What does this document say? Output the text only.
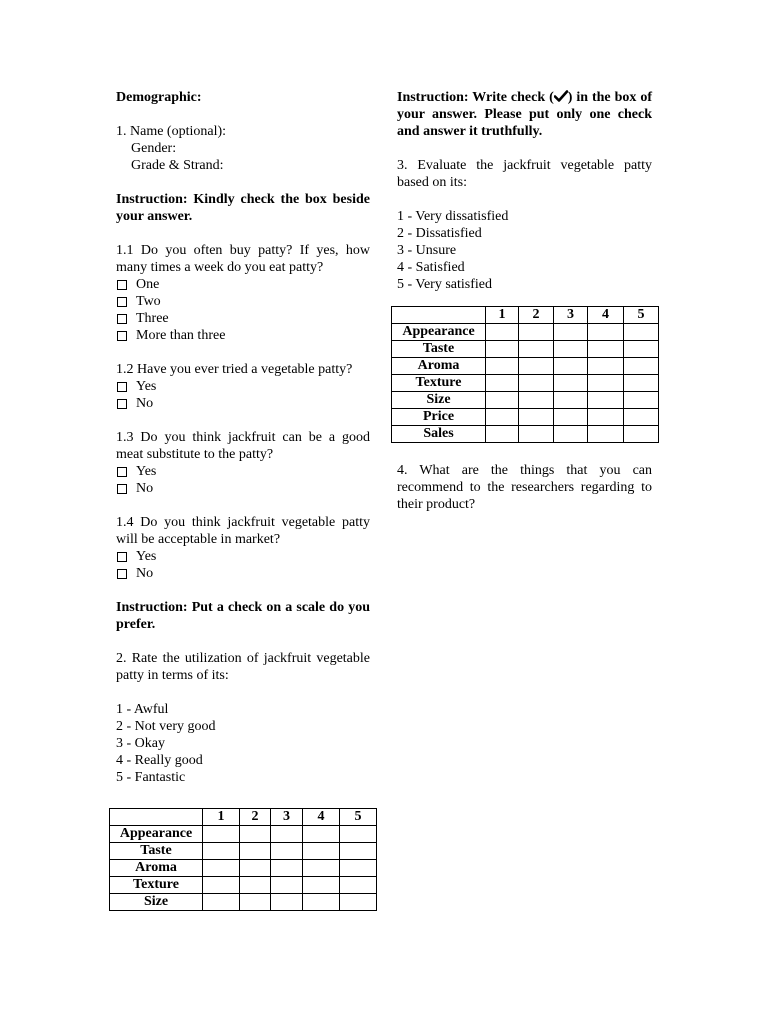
Demographic:

1. Name (optional):

Gender:

Grade & Strand:

Instruction: Kindly check the box beside your answer.

1.1 Do you often buy patty? If yes, how many times a week do you eat patty?

One
Two
Three
More than three

1.2 Have you ever tried a vegetable patty?

Yes
No

1.3 Do you think jackfruit can be a good meat substitute to the patty?

Yes
No

1.4 Do you think jackfruit vegetable patty will be acceptable in market?

Yes
No

Instruction: Put a check on a scale do you prefer.

2. Rate the utilization of jackfruit vegetable patty in terms of its:

1 - Awful

2 - Not very good

3 - Okay

4 - Really good

5 - Fantastic

	1	2	3	4	5
Appearance					
Taste					
Aroma					
Texture					
Size					

Instruction: Write check ( ) in the box of your answer. Please put only one check and answer it truthfully.

3. Evaluate the jackfruit vegetable patty based on its:

1 - Very dissatisfied

2 - Dissatisfied

3 - Unsure

4 - Satisfied

5 - Very satisfied

	1	2	3	4	5
Appearance					
Taste					
Aroma					
Texture					
Size					
Price					
Sales					

4. What are the things that you can recommend to the researchers regarding to their product?
